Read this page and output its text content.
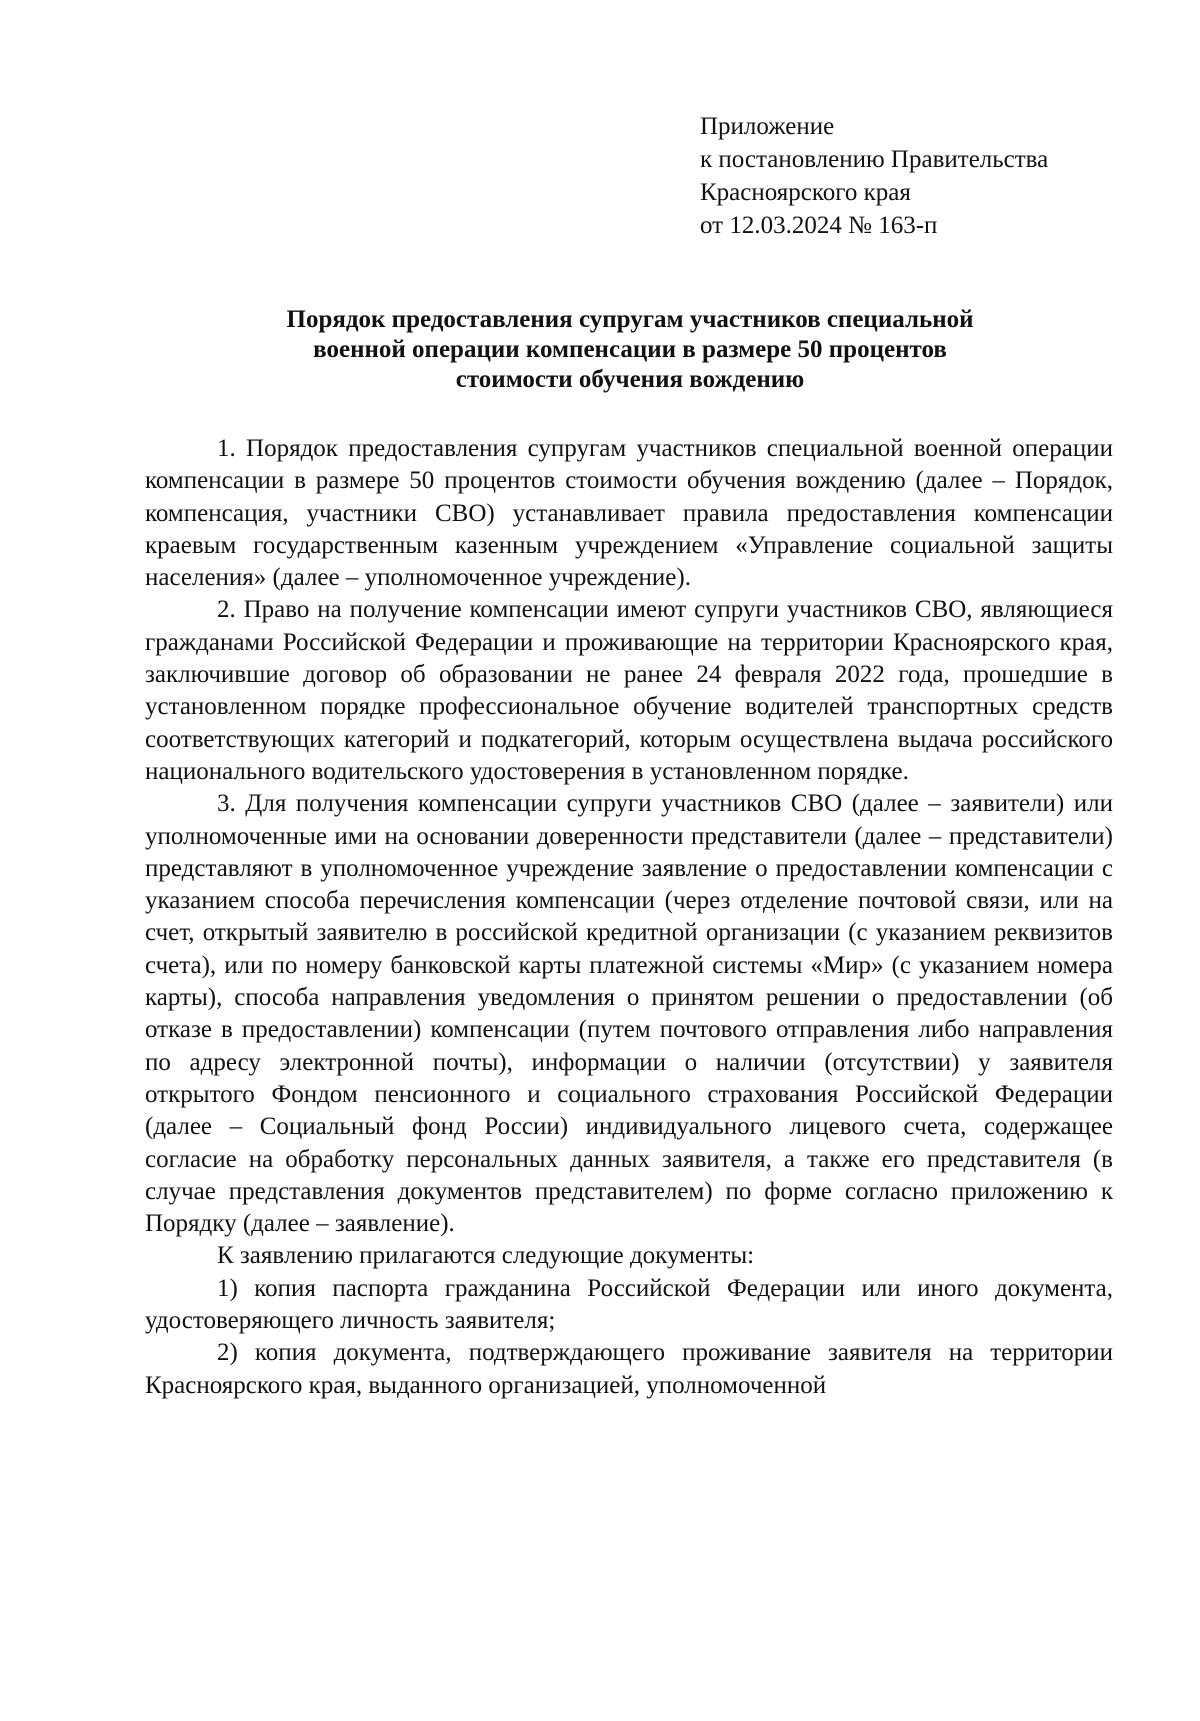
Приложение
к постановлению Правительства
Красноярского края
от 12.03.2024 № 163-п
Порядок предоставления супругам участников специальной
военной операции компенсации в размере 50 процентов
стоимости обучения вождению

1. Порядок предоставления супругам участников специальной военной операции компенсации в размере 50 процентов стоимости обучения вождению (далее – Порядок, компенсация, участники СВО) устанавливает правила предоставления компенсации краевым государственным казенным учреждением «Управление социальной защиты населения» (далее – уполномоченное учреждение).

2. Право на получение компенсации имеют супруги участников СВО, являющиеся гражданами Российской Федерации и проживающие на территории Красноярского края, заключившие договор об образовании не ранее 24 февраля 2022 года, прошедшие в установленном порядке профессиональное обучение водителей транспортных средств соответствующих категорий и подкатегорий, которым осуществлена выдача российского национального водительского удостоверения в установленном порядке.

3. Для получения компенсации супруги участников СВО (далее – заявители) или уполномоченные ими на основании доверенности представители (далее – представители) представляют в уполномоченное учреждение заявление о предоставлении компенсации с указанием способа перечисления компенсации (через отделение почтовой связи, или на счет, открытый заявителю в российской кредитной организации (с указанием реквизитов счета), или по номеру банковской карты платежной системы «Мир» (с указанием номера карты), способа направления уведомления о принятом решении о предоставлении (об отказе в предоставлении) компенсации (путем почтового отправления либо направления по адресу электронной почты), информации о наличии (отсутствии) у заявителя открытого Фондом пенсионного и социального страхования Российской Федерации (далее – Социальный фонд России) индивидуального лицевого счета, содержащее согласие на обработку персональных данных заявителя, а также его представителя (в случае представления документов представителем) по форме согласно приложению к Порядку (далее – заявление).

К заявлению прилагаются следующие документы:

1) копия паспорта гражданина Российской Федерации или иного документа, удостоверяющего личность заявителя;

2) копия документа, подтверждающего проживание заявителя на территории Красноярского края, выданного организацией, уполномоченной
